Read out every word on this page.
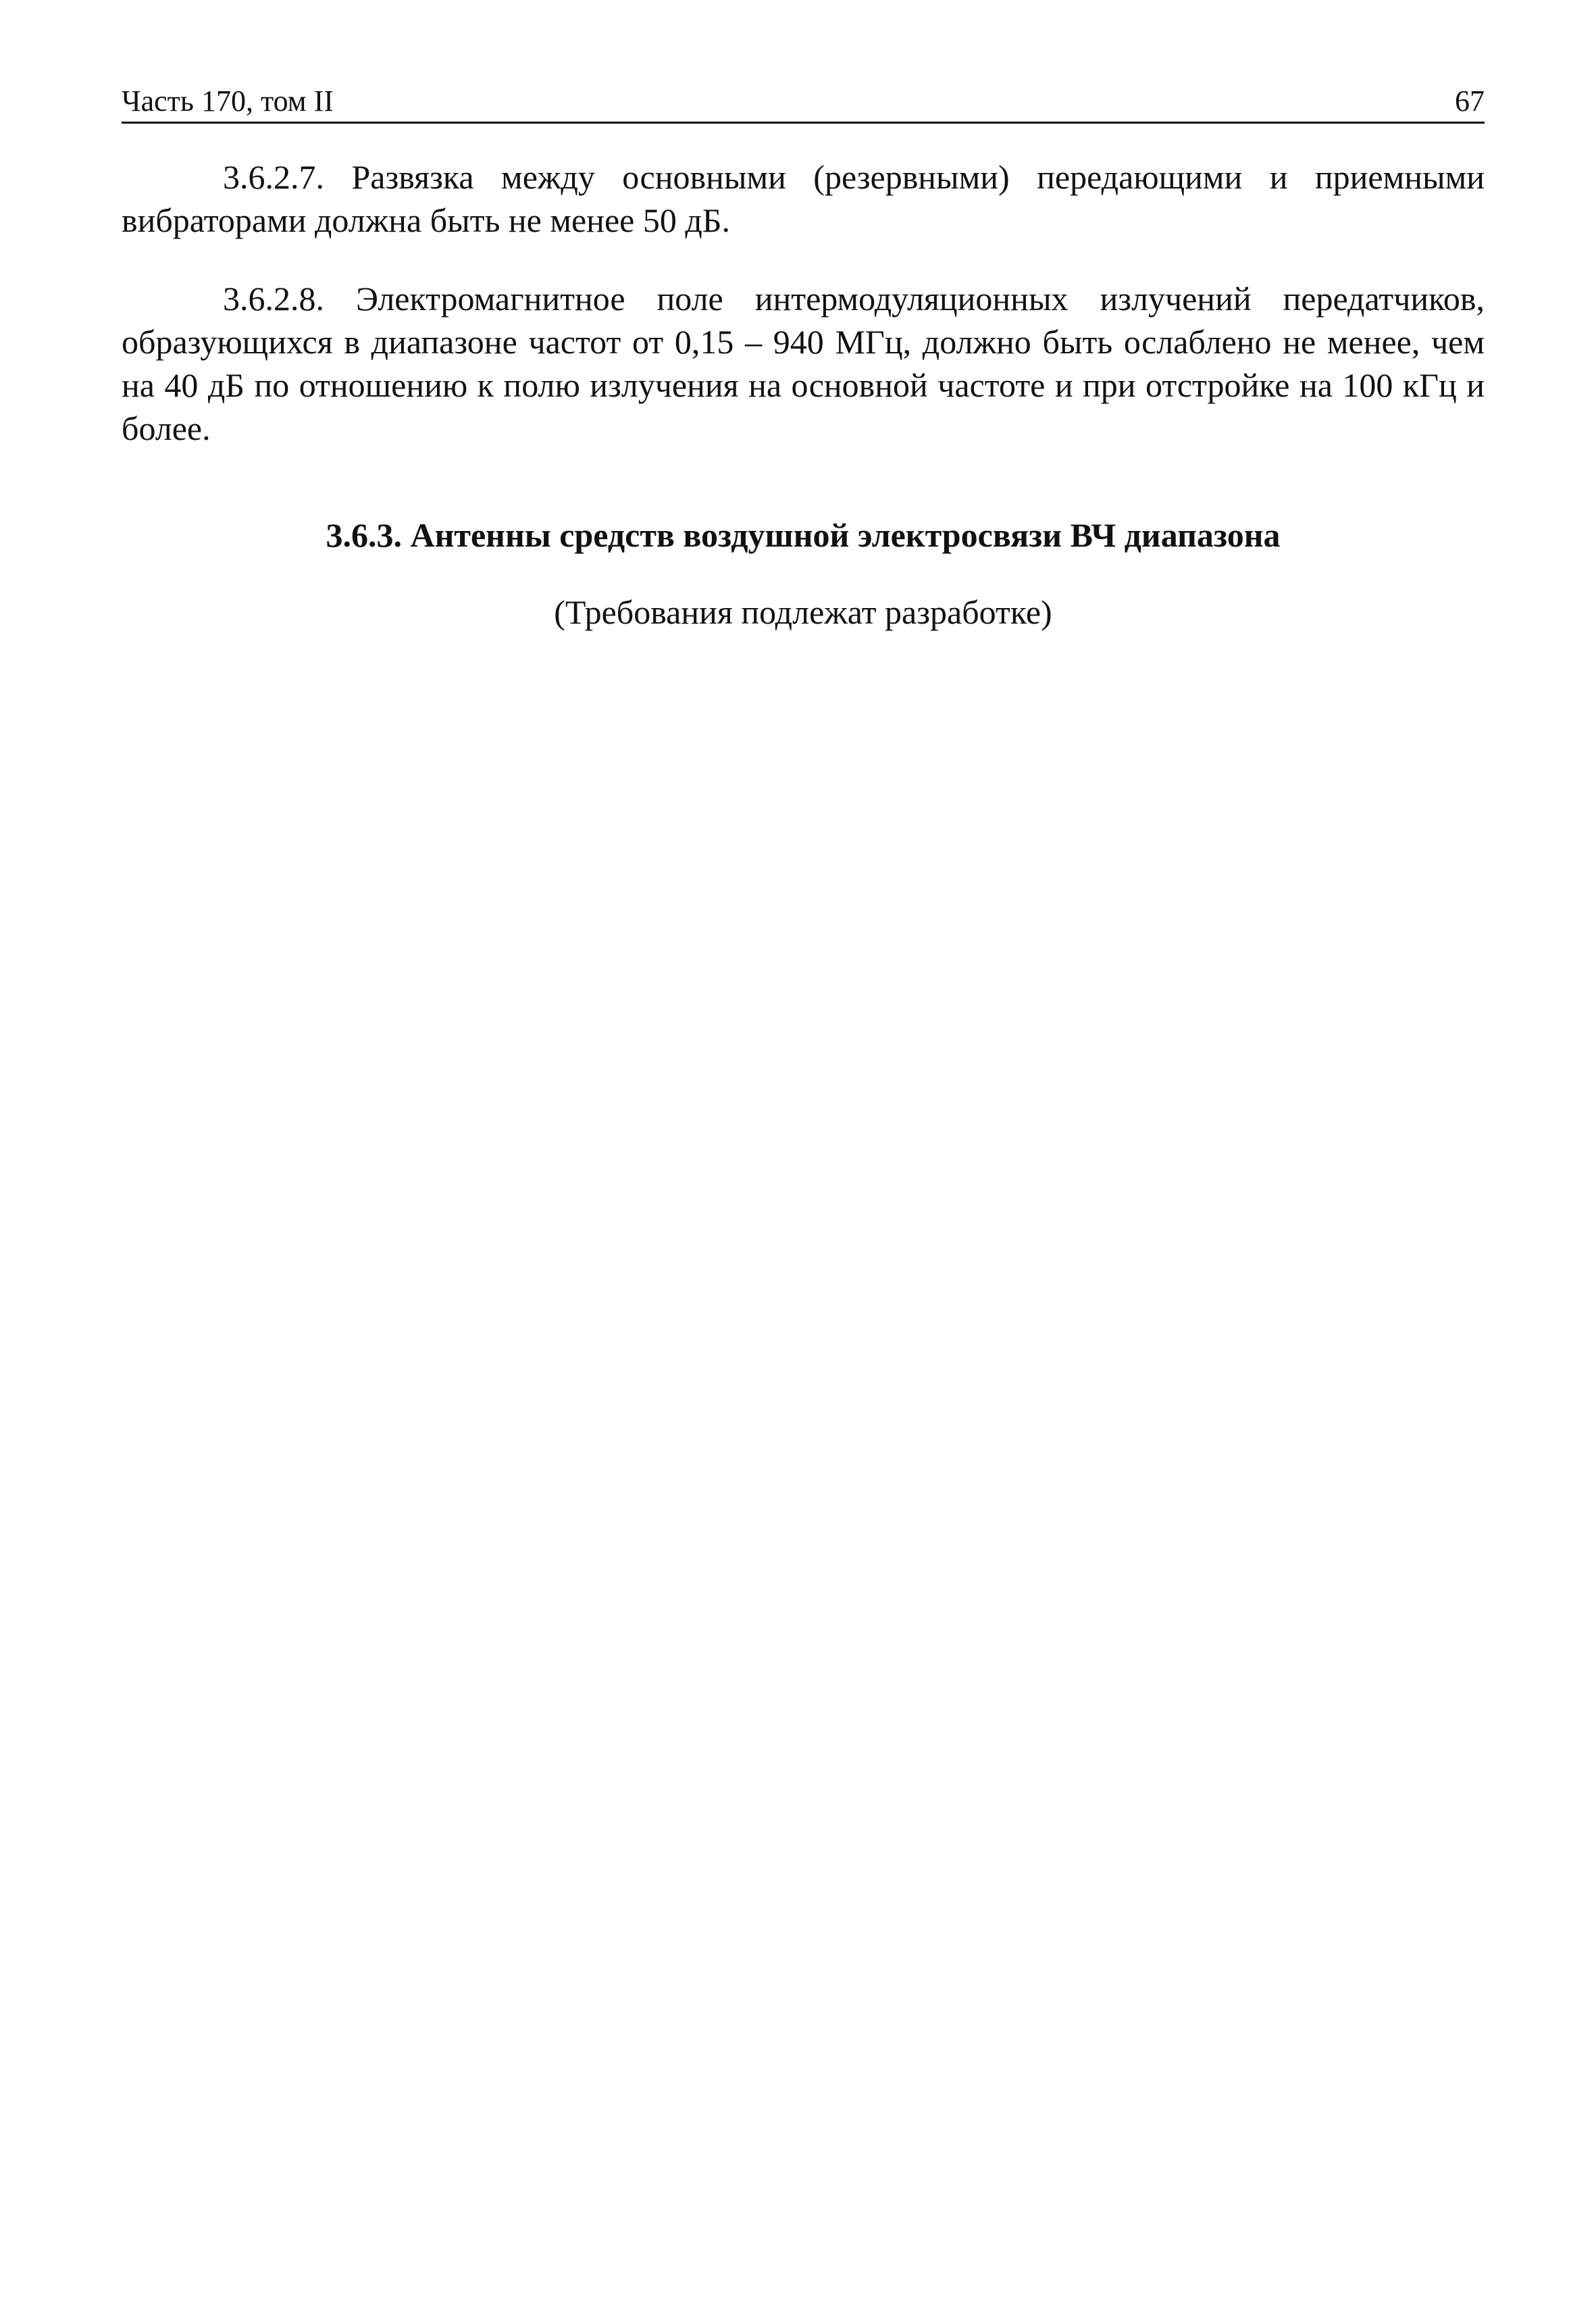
Часть 170, том II	67

3.6.2.7. Развязка между основными (резервными) передающими и приемными вибраторами должна быть не менее 50 дБ.

3.6.2.8. Электромагнитное поле интермодуляционных излучений передатчиков, образующихся в диапазоне частот от 0,15 – 940 МГц, должно быть ослаблено не менее, чем на 40 дБ по отношению к полю излучения на основной частоте и при отстройке на 100 кГц и более.

3.6.3. Антенны средств воздушной электросвязи ВЧ диапазона

(Требования подлежат разработке)
